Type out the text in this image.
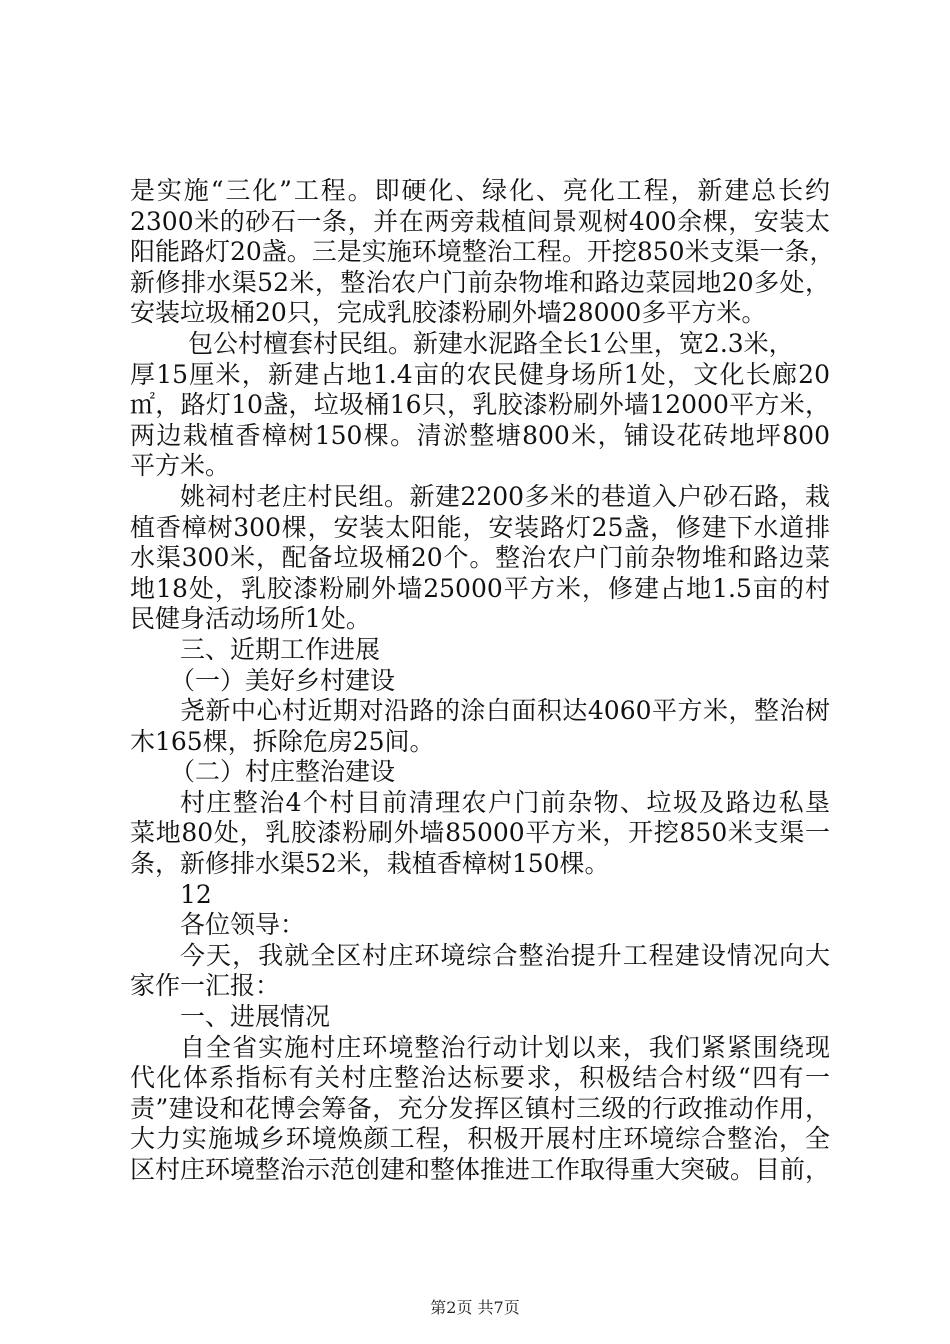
是实施“三化”工程。即硬化、绿化、亮化工程，新建总长约
2300米的砂石一条，并在两旁栽植间景观树400余棵，安装太
阳能路灯20盏。三是实施环境整治工程。开挖850米支渠一条，
新修排水渠52米，整治农户门前杂物堆和路边菜园地20多处，
安装垃圾桶20只，完成乳胶漆粉刷外墙28000多平方米。
包公村檀套村民组。新建水泥路全长1公里，宽2.3米，
厚15厘米，新建占地1.4亩的农民健身场所1处，文化长廊20
㎡，路灯10盏，垃圾桶16只，乳胶漆粉刷外墙12000平方米，
两边栽植香樟树150棵。清淤整塘800米，铺设花砖地坪800
平方米。
姚祠村老庄村民组。新建2200多米的巷道入户砂石路，栽
植香樟树300棵，安装太阳能，安装路灯25盏，修建下水道排
水渠300米，配备垃圾桶20个。整治农户门前杂物堆和路边菜
地18处，乳胶漆粉刷外墙25000平方米，修建占地1.5亩的村
民健身活动场所1处。
三、近期工作进展
（一）美好乡村建设
尧新中心村近期对沿路的涂白面积达4060平方米，整治树
木165棵，拆除危房25间。
（二）村庄整治建设
村庄整治4个村目前清理农户门前杂物、垃圾及路边私垦
菜地80处，乳胶漆粉刷外墙85000平方米，开挖850米支渠一
条，新修排水渠52米，栽植香樟树150棵。
12
各位领导：
今天，我就全区村庄环境综合整治提升工程建设情况向大
家作一汇报：
一、进展情况
自全省实施村庄环境整治行动计划以来，我们紧紧围绕现
代化体系指标有关村庄整治达标要求，积极结合村级“四有一
责”建设和花博会筹备，充分发挥区镇村三级的行政推动作用，
大力实施城乡环境焕颜工程，积极开展村庄环境综合整治，全
区村庄环境整治示范创建和整体推进工作取得重大突破。目前，
第2页 共7页
